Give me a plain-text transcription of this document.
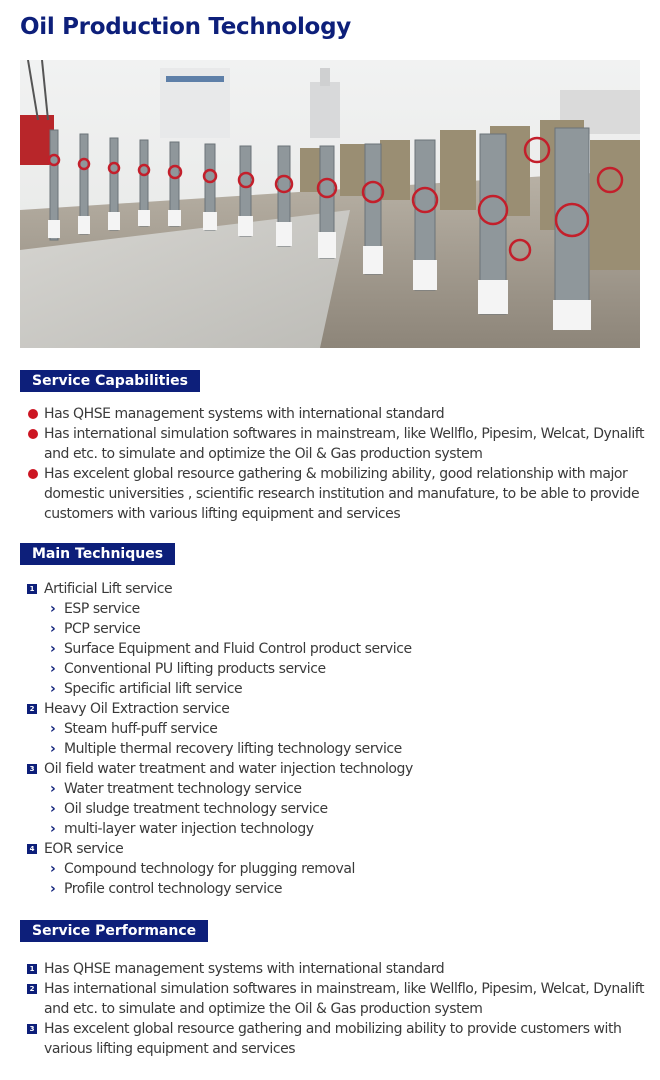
Oil Production Technology
Service Capabilities
Has QHSE management systems with international standard
Has international simulation softwares in mainstream, like Wellflo, Pipesim, Welcat, Dynalift and etc. to simulate and optimize the Oil & Gas production system
Has excelent global resource gathering & mobilizing ability, good relationship with major domestic universities , scientific research institution and manufature, to be able to provide customers with various lifting equipment and services
Main Techniques
1 Artificial Lift service
› ESP service
› PCP service
› Surface Equipment and Fluid Control product service
› Conventional PU lifting products service
› Specific artificial lift service
2 Heavy Oil Extraction service
› Steam huff-puff service
› Multiple thermal recovery lifting technology service
3 Oil field water treatment and water injection technology
› Water treatment technology service
› Oil sludge treatment technology service
› multi-layer water injection technology
4 EOR service
› Compound technology for plugging removal
› Profile control technology service
Service Performance
1 Has QHSE management systems with international standard
2 Has international simulation softwares in mainstream, like Wellflo, Pipesim, Welcat, Dynalift and etc. to simulate and optimize the Oil & Gas production system
3 Has excelent global resource gathering and mobilizing ability to provide customers with various lifting equipment and services
